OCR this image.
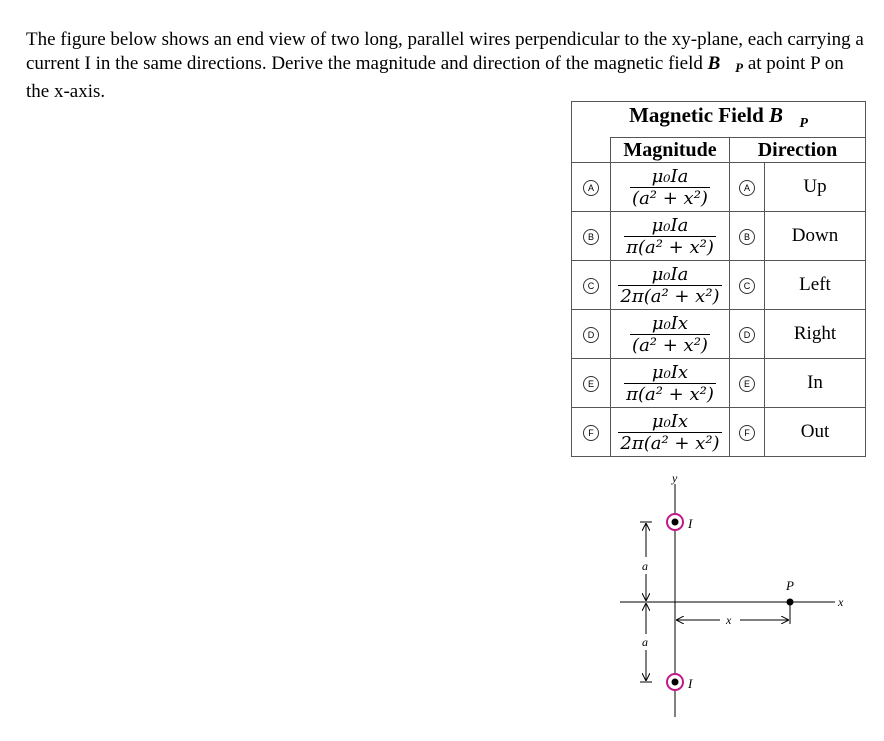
The figure below shows an end view of two long, parallel wires perpendicular to the xy-plane, each carrying a current I in the same directions. Derive the magnitude and direction of the magnetic field $B_P$ at point P on the x-axis.
Magnetic Field $B_P$
	Magnitude	Direction	
A	$\frac{\text{μ₀Ia}}{\text{(a² + x²)}}$	A	Up
B	$\frac{\text{μ₀Ia}}{\text{π(a² + x²)}}$	B	Down
C	$\frac{\text{μ₀Ia}}{\text{2π(a² + x²)}}$	C	Left
D	$\frac{\text{μ₀Ix}}{\text{(a² + x²)}}$	D	Right
E	$\frac{\text{μ₀Ix}}{\text{π(a² + x²)}}$	E	In
F	$\frac{\text{μ₀Ix}}{\text{2π(a² + x²)}}$	F	Out
y
x
I
I
a
a
x
P
